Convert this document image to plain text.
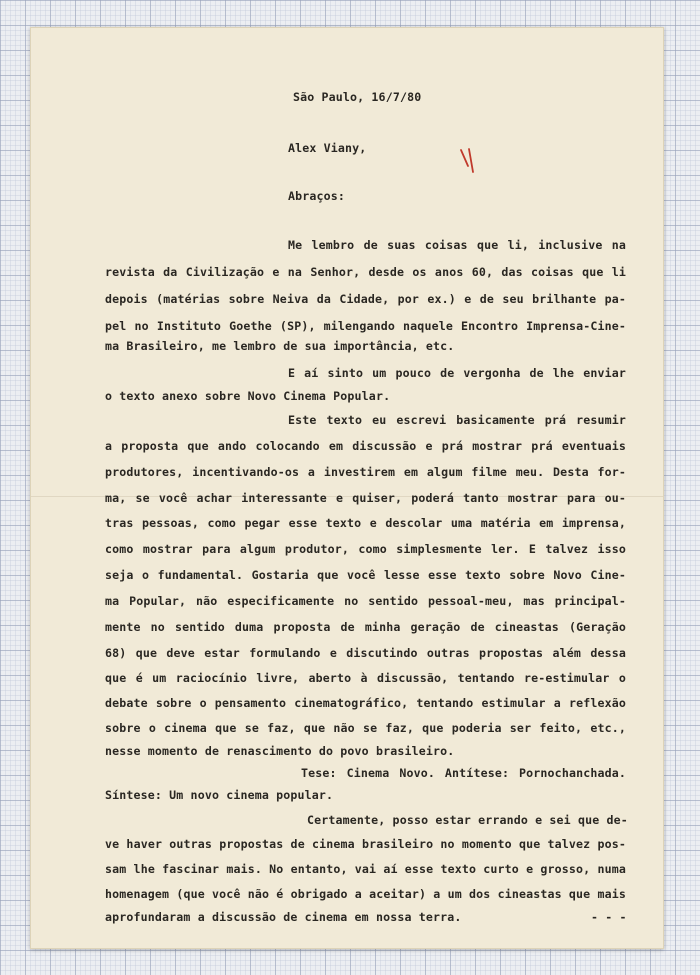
São Paulo, 16/7/80
Alex Viany,
Abraços:
Me lembro de suas coisas que li, inclusive na
revista da Civilização e na Senhor, desde os anos 60, das coisas que li
depois (matérias sobre Neiva da Cidade, por ex.) e de seu brilhante pa-
pel no Instituto Goethe (SP), milengando naquele Encontro Imprensa-Cine-
ma Brasileiro, me lembro de sua importância, etc.
E aí sinto um pouco de vergonha de lhe enviar
o texto anexo sobre Novo Cinema Popular.
Este texto eu escrevi basicamente prá resumir
a proposta que ando colocando em discussão e prá mostrar prá eventuais
produtores, incentivando-os a investirem em algum filme meu. Desta for-
ma, se você achar interessante e quiser, poderá tanto mostrar para ou-
tras pessoas, como pegar esse texto e descolar uma matéria em imprensa,
como mostrar para algum produtor, como simplesmente ler. E talvez isso
seja o fundamental. Gostaria que você lesse esse texto sobre Novo Cine-
ma Popular, não especificamente no sentido pessoal-meu, mas principal-
mente no sentido duma proposta de minha geração de cineastas (Geração
68) que deve estar formulando e discutindo outras propostas além dessa
que é um raciocínio livre, aberto à discussão, tentando re-estimular o
debate sobre o pensamento cinematográfico, tentando estimular a reflexão
sobre o cinema que se faz, que não se faz, que poderia ser feito, etc.,
nesse momento de renascimento do povo brasileiro.
Tese: Cinema Novo. Antítese: Pornochanchada.
Síntese: Um novo cinema popular.
Certamente, posso estar errando e sei que de-
ve haver outras propostas de cinema brasileiro no momento que talvez pos-
sam lhe fascinar mais. No entanto, vai aí esse texto curto e grosso, numa
homenagem (que você não é obrigado a aceitar) a um dos cineastas que mais
aprofundaram a discussão de cinema em nossa terra.	- - -
